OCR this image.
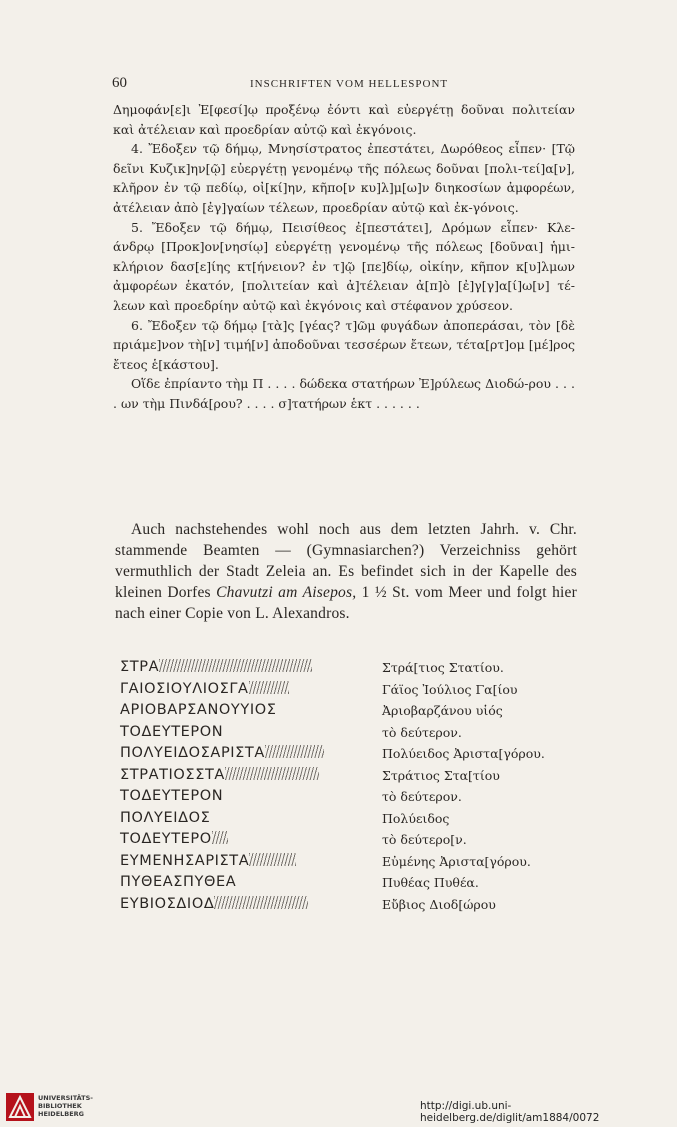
60	INSCHRIFTEN VOM HELLESPONT

Δημοφάν[ε]ι Ἐ[φεσί]ῳ προξένῳ ἐόντι καὶ εὐεργέτῃ δοῦναι πολιτείαν καὶ ἀτέλειαν καὶ προεδρίαν αὐτῷ καὶ ἐκγόνοις.

4. Ἔδοξεν τῷ δήμῳ, Μνησίστρατος ἐπεστάτει, Δωρόθεος εἶπεν· [Τῷ δεῖνι Κυζικ]ην[ῷ] εὐεργέτῃ γενομένῳ τῆς πόλεως δοῦναι [πολι-τεί]α[ν], κλῆρον ἐν τῷ πεδίῳ, οἰ[κί]ην, κῆπο[ν κυ]λ]μ[ω]ν διηκοσίων ἀμφορέων, ἀτέλειαν ἀπὸ [ἐγ]γαίων τέλεων, προεδρίαν αὐτῷ καὶ ἐκ-γόνοις.

5. Ἔδοξεν τῷ δήμῳ, Πεισίθεος ἐ[πεστάτει], Δρόμων εἶπεν· Κλε-άνδρῳ [Προκ]ον[νησίῳ] εὐεργέτῃ γενομένῳ τῆς πόλεως [δοῦναι] ἡμι-κλήριον δασ[ε]ίης κτ[ήνειον? ἐν τ]ῷ [πε]δίῳ, οἰκίην, κῆπον κ[υ]λμων ἀμφορέων ἑκατόν, [πολιτείαν καὶ ἀ]τέλειαν ἀ[π]ὸ [ἐ]γ[γ]α[ί]ω[ν] τέ-λεων καὶ προεδρίην αὐτῷ καὶ ἐκγόνοις καὶ στέφανον χρύσεον.

6. Ἔδοξεν τῷ δήμῳ [τὰ]ς [γέας? τ]ῶμ φυγάδων ἀποπεράσαι, τὸν [δὲ πριάμε]νον τὴ[ν] τιμή[ν] ἀποδοῦναι τεσσέρων ἔτεων, τέτα[ρτ]ομ [μέ]ρος ἔτεος ἑ[κάστου].

Οἵδε ἐπρίαντο τὴμ Π . . . . δώδεκα στατήρων Ἐ]ρύλεως Διοδώ-ρου . . . . ων τὴμ Πινδά[ρου? . . . . σ]τατήρων ἑκτ . . . . . .

Auch nachstehendes wohl noch aus dem letzten Jahrh. v. Chr. stammende Beamten — (Gymnasiarchen?) Verzeichniss gehört vermuthlich der Stadt Zeleia an. Es befindet sich in der Kapelle des kleinen Dorfes Chavutzi am Aisepos, 1 ½ St. vom Meer und folgt hier nach einer Copie von L. Alexandros.

ΣΤΡΑ	Στρά[τιος Στατίου.
ΓΑΙΟΣΙΟΥΛΙΟΣΓΑ	Γάϊος Ἰούλιος Γα[ίου
ΑΡΙΟΒΑΡΣΑΝΟΥΥΙΟΣ	Ἀριοβαρζάνου υἱός
ΤΟΔΕΥΤΕΡΟΝ	τὸ δεύτερον.
ΠΟΛΥΕΙΔΟΣΑΡΙΣΤΑ	Πολύειδος Ἀριστα[γόρου.
ΣΤΡΑΤΙΟΣΣΤΑ	Στράτιος Στα[τίου
ΤΟΔΕΥΤΕΡΟΝ	τὸ δεύτερον.
ΠΟΛΥΕΙΔΟΣ	Πολύειδος
ΤΟΔΕΥΤΕΡΟ	τὸ δεύτερο[ν.
ΕΥΜΕΝΗΣΑΡΙΣΤΑ	Εὐμένης Ἀριστα[γόρου.
ΠΥΘΕΑΣΠΥΘΕΑ	Πυθέας Πυθέα.
ΕΥΒΙΟΣΔΙΟΔ	Εὔβιος Διοδ[ώρου
UNIVERSITÄTS-
BIBLIOTHEK
HEIDELBERG
http://digi.ub.uni-heidelberg.de/diglit/am1884/0072
